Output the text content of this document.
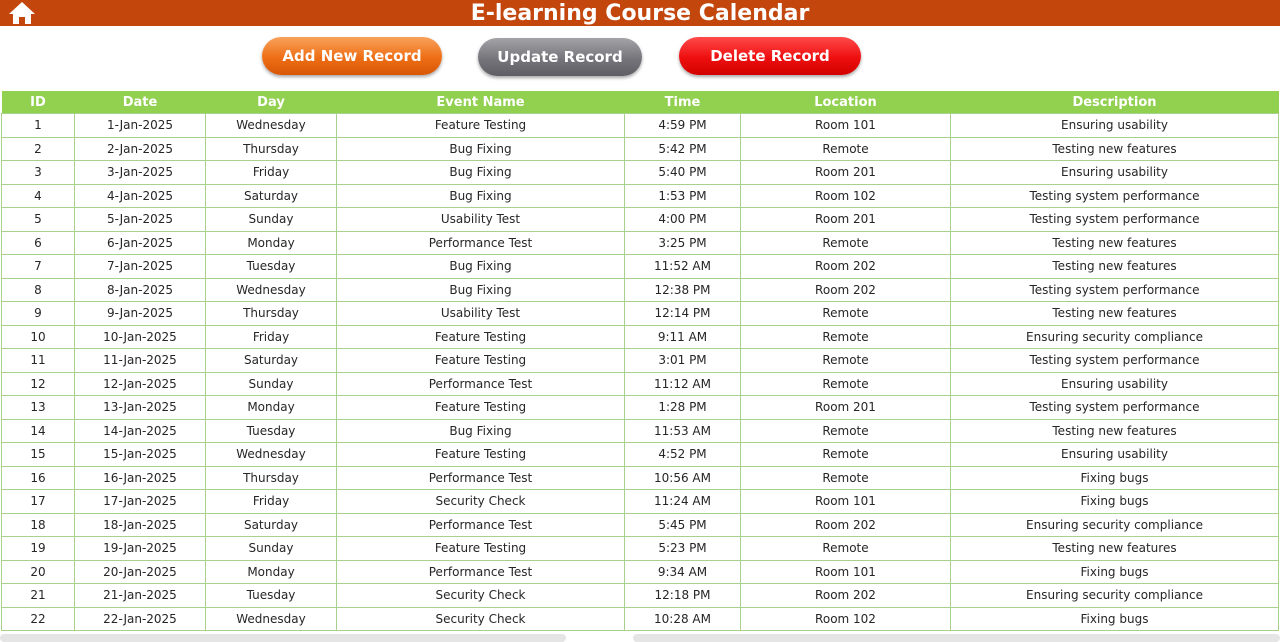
E-learning Course Calendar
Add New Record	Update Record	Delete Record
ID	Date	Day	Event Name	Time	Location	Description
1	1-Jan-2025	Wednesday	Feature Testing	4:59 PM	Room 101	Ensuring usability
2	2-Jan-2025	Thursday	Bug Fixing	5:42 PM	Remote	Testing new features
3	3-Jan-2025	Friday	Bug Fixing	5:40 PM	Room 201	Ensuring usability
4	4-Jan-2025	Saturday	Bug Fixing	1:53 PM	Room 102	Testing system performance
5	5-Jan-2025	Sunday	Usability Test	4:00 PM	Room 201	Testing system performance
6	6-Jan-2025	Monday	Performance Test	3:25 PM	Remote	Testing new features
7	7-Jan-2025	Tuesday	Bug Fixing	11:52 AM	Room 202	Testing new features
8	8-Jan-2025	Wednesday	Bug Fixing	12:38 PM	Room 202	Testing system performance
9	9-Jan-2025	Thursday	Usability Test	12:14 PM	Remote	Testing new features
10	10-Jan-2025	Friday	Feature Testing	9:11 AM	Remote	Ensuring security compliance
11	11-Jan-2025	Saturday	Feature Testing	3:01 PM	Remote	Testing system performance
12	12-Jan-2025	Sunday	Performance Test	11:12 AM	Remote	Ensuring usability
13	13-Jan-2025	Monday	Feature Testing	1:28 PM	Room 201	Testing system performance
14	14-Jan-2025	Tuesday	Bug Fixing	11:53 AM	Remote	Testing new features
15	15-Jan-2025	Wednesday	Feature Testing	4:52 PM	Remote	Ensuring usability
16	16-Jan-2025	Thursday	Performance Test	10:56 AM	Remote	Fixing bugs
17	17-Jan-2025	Friday	Security Check	11:24 AM	Room 101	Fixing bugs
18	18-Jan-2025	Saturday	Performance Test	5:45 PM	Room 202	Ensuring security compliance
19	19-Jan-2025	Sunday	Feature Testing	5:23 PM	Remote	Testing new features
20	20-Jan-2025	Monday	Performance Test	9:34 AM	Room 101	Fixing bugs
21	21-Jan-2025	Tuesday	Security Check	12:18 PM	Room 202	Ensuring security compliance
22	22-Jan-2025	Wednesday	Security Check	10:28 AM	Room 102	Fixing bugs
